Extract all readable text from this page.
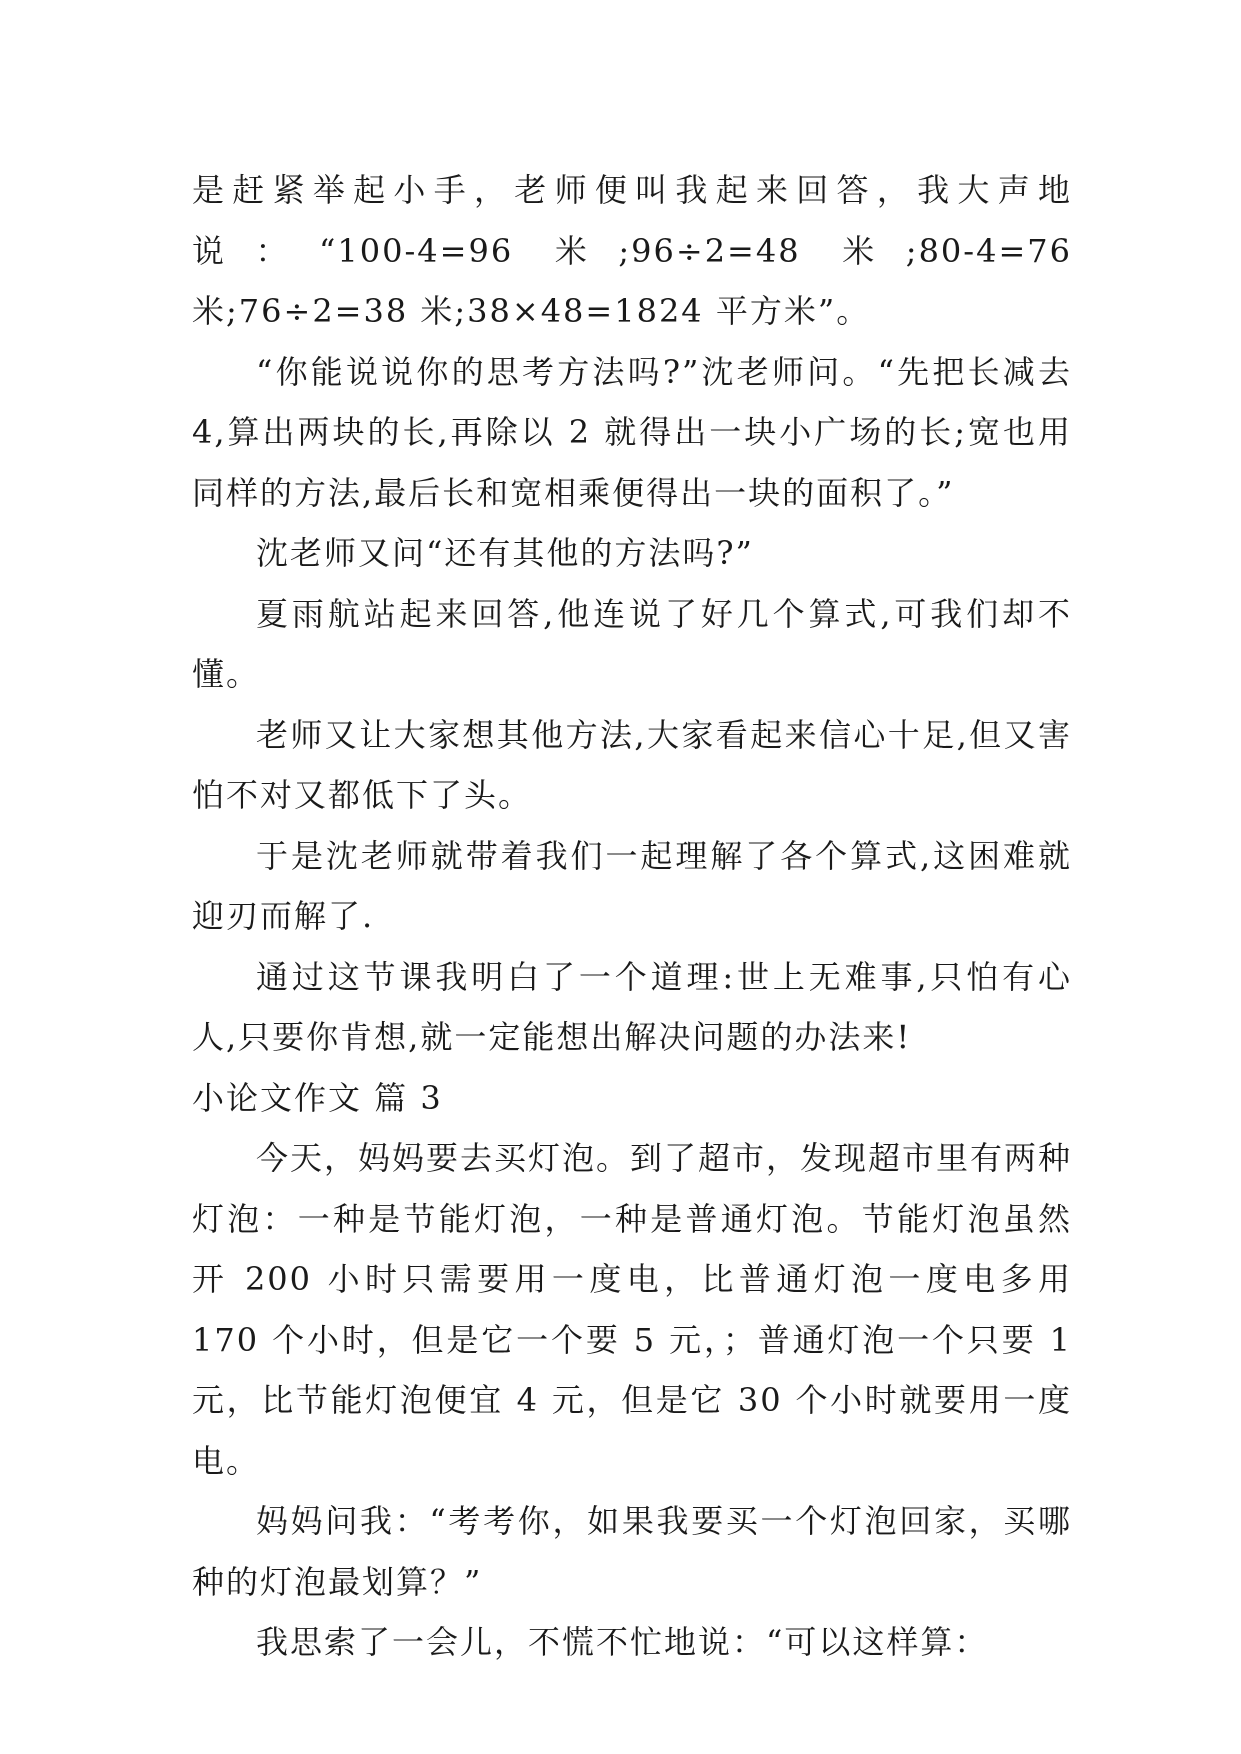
是赶紧举起小手，老师便叫我起来回答，我大声地说：“100-4=96 米;96÷2=48 米;80-4=76 米;76÷2=38 米;38×48=1824 平方米”。

“你能说说你的思考方法吗?”沈老师问。“先把长减去 4,算出两块的长,再除以 2 就得出一块小广场的长;宽也用同样的方法,最后长和宽相乘便得出一块的面积了。”

沈老师又问“还有其他的方法吗?”

夏雨航站起来回答,他连说了好几个算式,可我们却不懂。

老师又让大家想其他方法,大家看起来信心十足,但又害怕不对又都低下了头。

于是沈老师就带着我们一起理解了各个算式,这困难就迎刃而解了.

通过这节课我明白了一个道理:世上无难事,只怕有心人,只要你肯想,就一定能想出解决问题的办法来!

小论文作文 篇 3

今天，妈妈要去买灯泡。到了超市，发现超市里有两种灯泡：一种是节能灯泡，一种是普通灯泡。节能灯泡虽然开 200 小时只需要用一度电，比普通灯泡一度电多用 170 个小时，但是它一个要 5 元，；普通灯泡一个只要 1 元，比节能灯泡便宜 4 元，但是它 30 个小时就要用一度电。

妈妈问我：“考考你，如果我要买一个灯泡回家，买哪种的灯泡最划算？”

我思索了一会儿，不慌不忙地说：“可以这样算：
